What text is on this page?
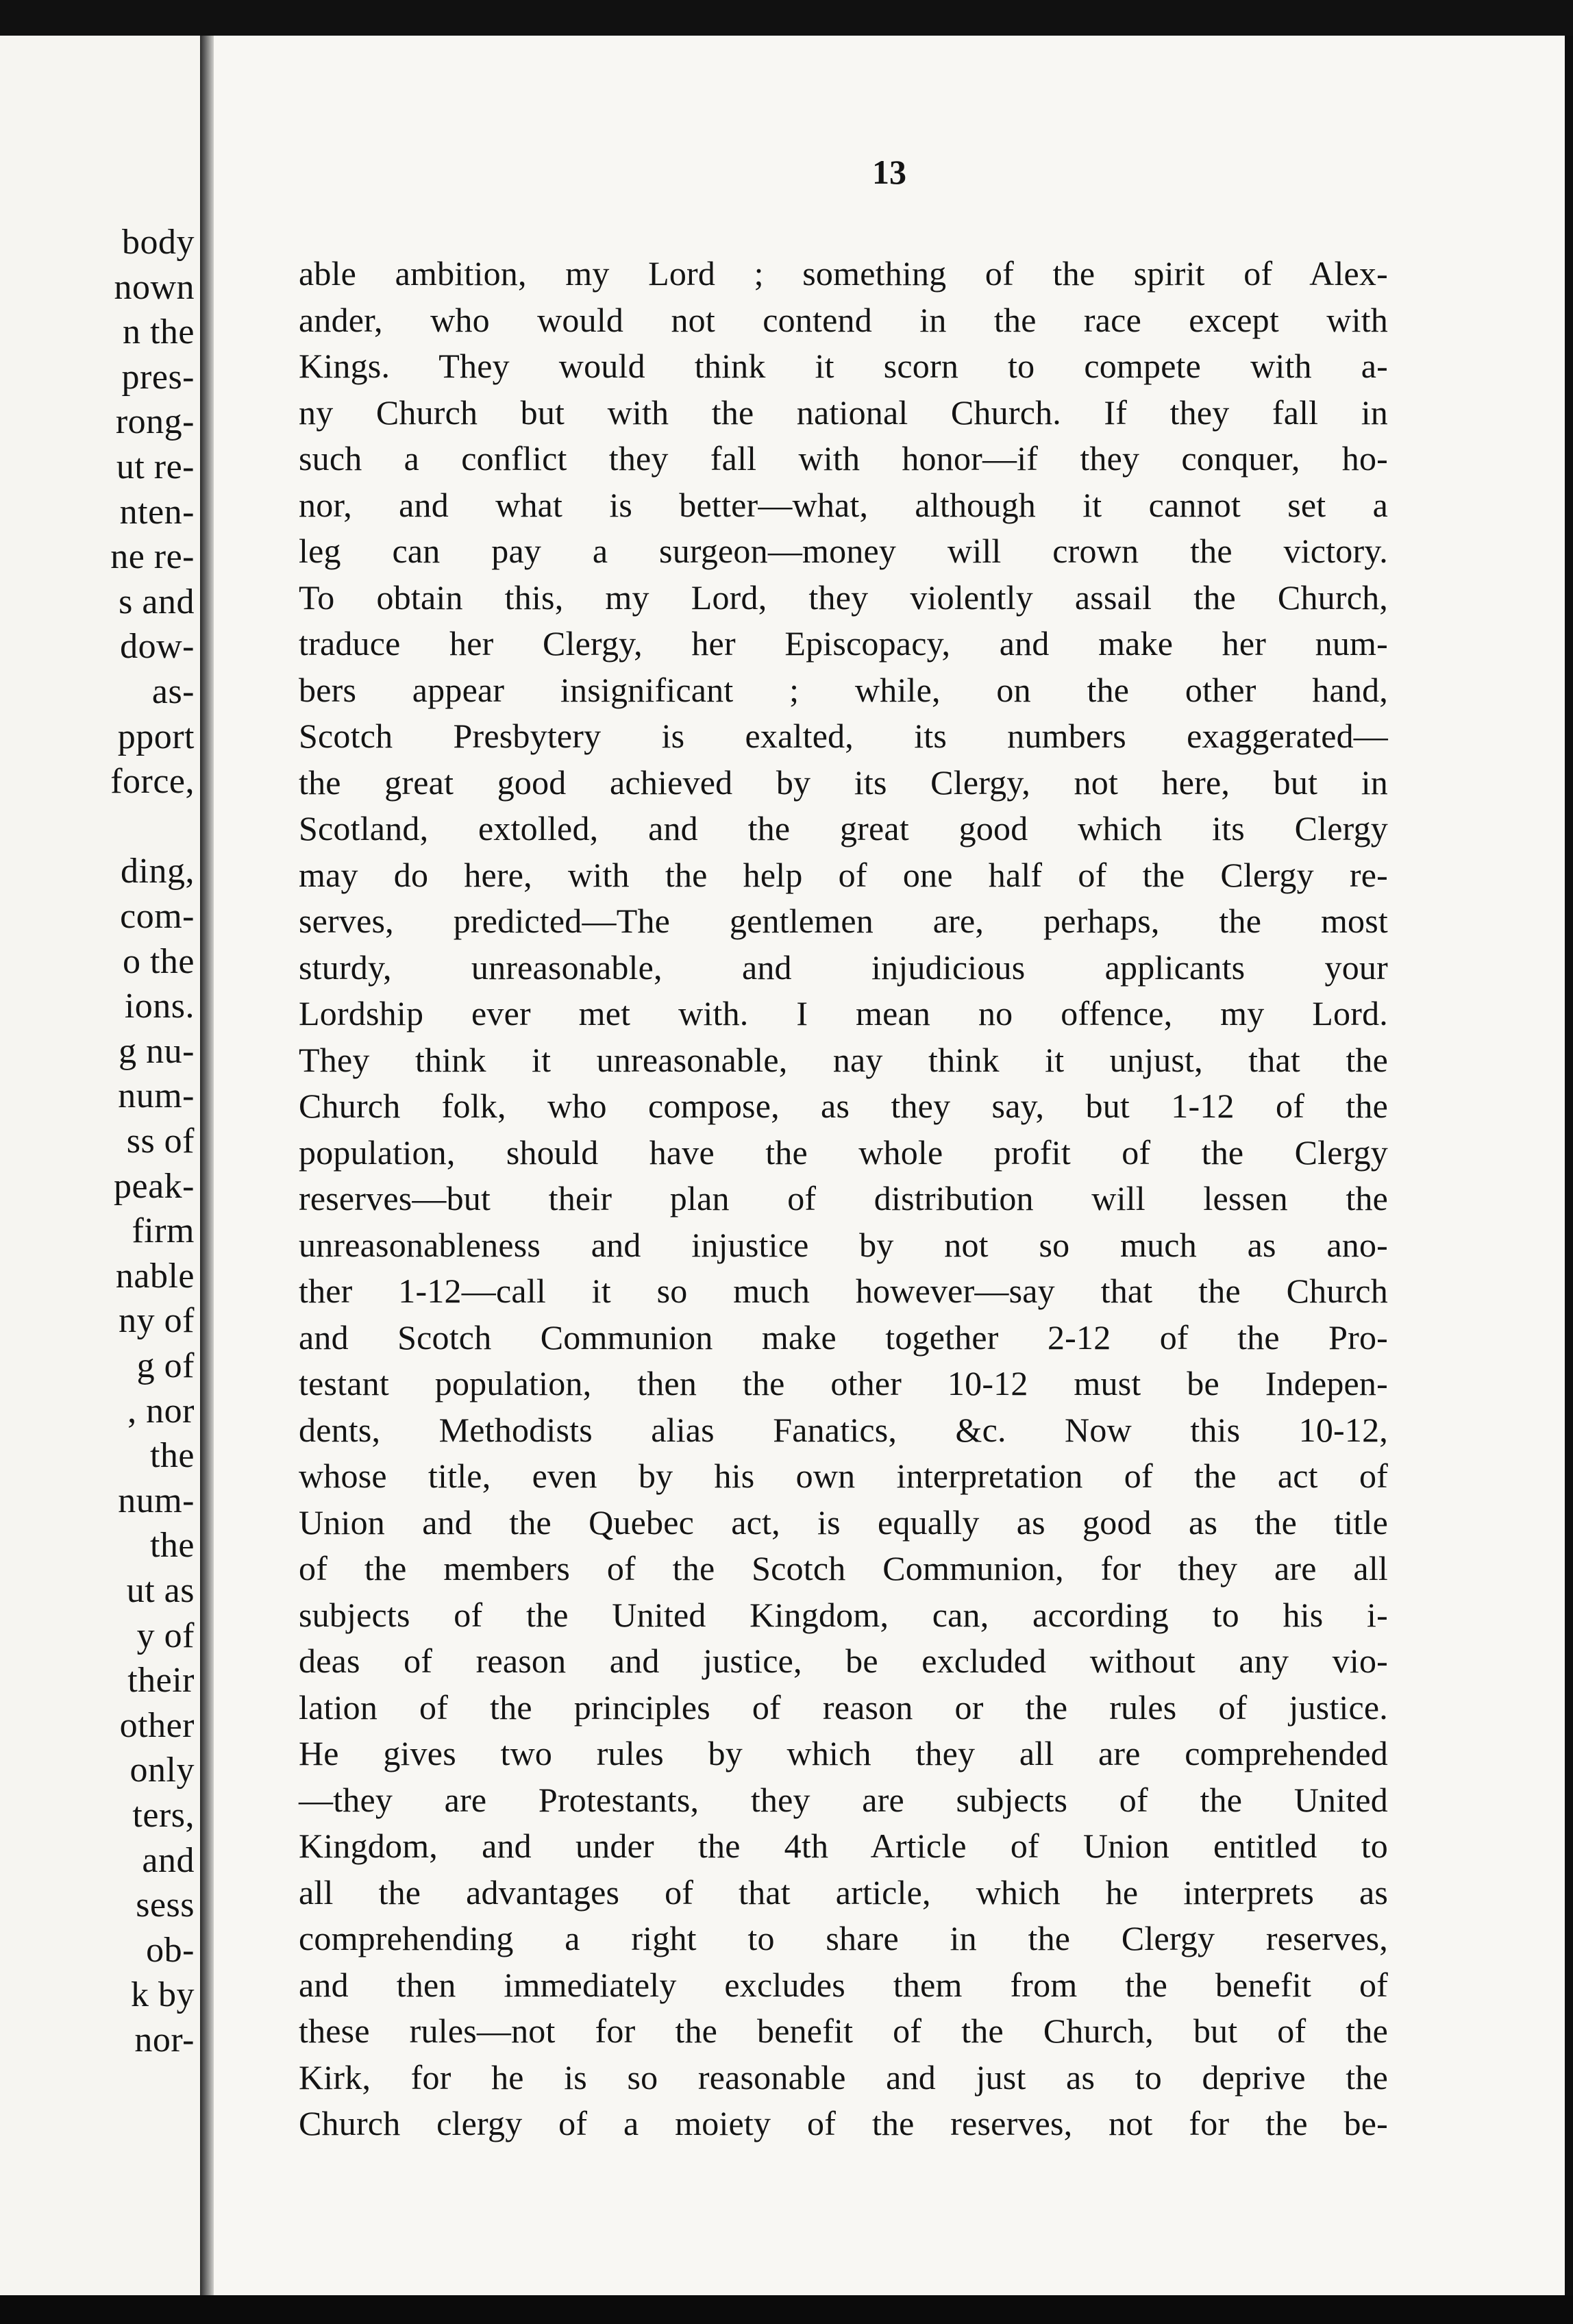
body
nown
n the
pres-
rong-
ut re-
nten-
ne re-
s and
dow-
as-
pport
force,
ding,
com-
o the
ions.
g nu-
num-
ss of
peak-
firm
nable
ny of
g of
, nor
the
num-
the
ut as
y of
their
other
only
ters,
and
sess
ob-
k by
nor-
13
able ambition, my Lord ; something of the spirit of Alex-
ander, who would not contend in the race except with
Kings. They would think it scorn to compete with a-
ny Church but with the national Church. If they fall in
such a conflict they fall with honor—if they conquer, ho-
nor, and what is better—what, although it cannot set a
leg can pay a surgeon—money will crown the victory.
To obtain this, my Lord, they violently assail the Church,
traduce her Clergy, her Episcopacy, and make her num-
bers appear insignificant ; while, on the other hand,
Scotch Presbytery is exalted, its numbers exaggerated—
the great good achieved by its Clergy, not here, but in
Scotland, extolled, and the great good which its Clergy
may do here, with the help of one half of the Clergy re-
serves, predicted—The gentlemen are, perhaps, the most
sturdy, unreasonable, and injudicious applicants your
Lordship ever met with. I mean no offence, my Lord.
They think it unreasonable, nay think it unjust, that the
Church folk, who compose, as they say, but 1-12 of the
population, should have the whole profit of the Clergy
reserves—but their plan of distribution will lessen the
unreasonableness and injustice by not so much as ano-
ther 1-12—call it so much however—say that the Church
and Scotch Communion make together 2-12 of the Pro-
testant population, then the other 10-12 must be Indepen-
dents, Methodists alias Fanatics, &c. Now this 10-12,
whose title, even by his own interpretation of the act of
Union and the Quebec act, is equally as good as the title
of the members of the Scotch Communion, for they are all
subjects of the United Kingdom, can, according to his i-
deas of reason and justice, be excluded without any vio-
lation of the principles of reason or the rules of justice.
He gives two rules by which they all are comprehended
—they are Protestants, they are subjects of the United
Kingdom, and under the 4th Article of Union entitled to
all the advantages of that article, which he interprets as
comprehending a right to share in the Clergy reserves,
and then immediately excludes them from the benefit of
these rules—not for the benefit of the Church, but of the
Kirk, for he is so reasonable and just as to deprive the
Church clergy of a moiety of the reserves, not for the be-
